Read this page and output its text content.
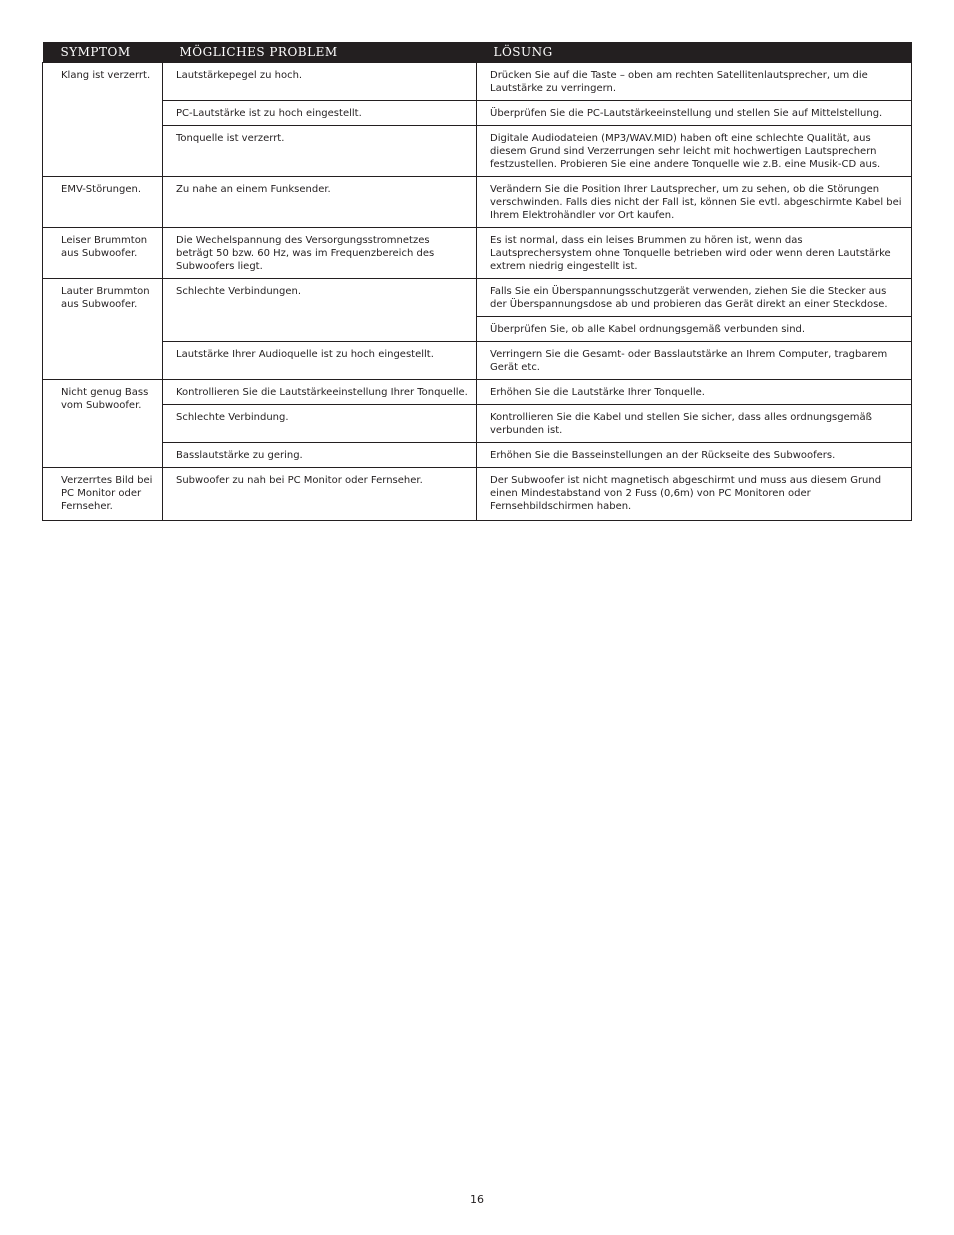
SYMPTOM	MÖGLICHES PROBLEM	LÖSUNG
Klang ist verzerrt.	Lautstärkepegel zu hoch.	Drücken Sie auf die Taste – oben am rechten Satellitenlautsprecher, um die Lautstärke zu verringern.
	PC-Lautstärke ist zu hoch eingestellt.	Überprüfen Sie die PC-Lautstärkeeinstellung und stellen Sie auf Mittelstellung.
	Tonquelle ist verzerrt.	Digitale Audiodateien (MP3/WAV.MID) haben oft eine schlechte Qualität, aus diesem Grund sind Verzerrungen sehr leicht mit hochwertigen Lautsprechern festzustellen. Probieren Sie eine andere Tonquelle wie z.B. eine Musik-CD aus.
EMV-Störungen.	Zu nahe an einem Funksender.	Verändern Sie die Position Ihrer Lautsprecher, um zu sehen, ob die Störungen verschwinden. Falls dies nicht der Fall ist, können Sie evtl. abgeschirmte Kabel bei Ihrem Elektrohändler vor Ort kaufen.
Leiser Brummton aus Subwoofer.	Die Wechelspannung des Versorgungsstromnetzes beträgt 50 bzw. 60 Hz, was im Frequenzbereich des Subwoofers liegt.	Es ist normal, dass ein leises Brummen zu hören ist, wenn das Lautsprechersystem ohne Tonquelle betrieben wird oder wenn deren Lautstärke extrem niedrig eingestellt ist.
Lauter Brummton aus Subwoofer.	Schlechte Verbindungen.	Falls Sie ein Überspannungsschutzgerät verwenden, ziehen Sie die Stecker aus der Überspannungsdose ab und probieren das Gerät direkt an einer Steckdose.
		Überprüfen Sie, ob alle Kabel ordnungsgemäß verbunden sind.
	Lautstärke Ihrer Audioquelle ist zu hoch eingestellt.	Verringern Sie die Gesamt- oder Basslautstärke an Ihrem Computer, tragbarem Gerät etc.
Nicht genug Bass vom Subwoofer.	Kontrollieren Sie die Lautstärkeeinstellung Ihrer Tonquelle.	Erhöhen Sie die Lautstärke Ihrer Tonquelle.
	Schlechte Verbindung.	Kontrollieren Sie die Kabel und stellen Sie sicher, dass alles ordnungsgemäß verbunden ist.
	Basslautstärke zu gering.	Erhöhen Sie die Basseinstellungen an der Rückseite des Subwoofers.
Verzerrtes Bild bei PC Monitor oder Fernseher.	Subwoofer zu nah bei PC Monitor oder Fernseher.	Der Subwoofer ist nicht magnetisch abgeschirmt und muss aus diesem Grund einen Mindestabstand von 2 Fuss (0,6m) von PC Monitoren oder Fernsehbildschirmen haben.
16
